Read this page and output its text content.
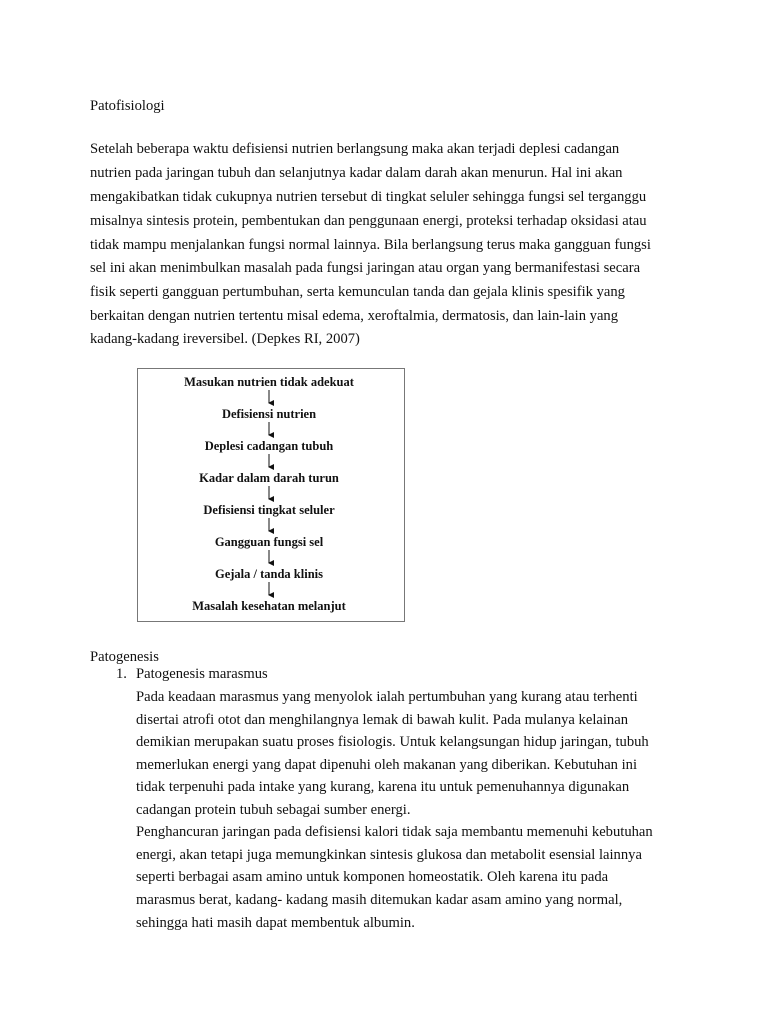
Patofisiologi
Setelah beberapa waktu defisiensi nutrien berlangsung maka akan terjadi deplesi cadangan
nutrien pada jaringan tubuh dan selanjutnya kadar dalam darah akan menurun. Hal ini akan
mengakibatkan tidak cukupnya nutrien tersebut di tingkat seluler sehingga fungsi sel terganggu
misalnya sintesis protein, pembentukan dan penggunaan energi, proteksi terhadap oksidasi atau
tidak mampu menjalankan fungsi normal lainnya. Bila berlangsung terus maka gangguan fungsi
sel ini akan menimbulkan masalah pada fungsi jaringan atau organ yang bermanifestasi secara
fisik seperti gangguan pertumbuhan, serta kemunculan tanda dan gejala klinis spesifik yang
berkaitan dengan nutrien tertentu misal edema, xeroftalmia, dermatosis, dan lain-lain yang
kadang-kadang ireversibel. (Depkes RI, 2007)
Masukan nutrien tidak adekuat
Defisiensi nutrien
Deplesi cadangan tubuh
Kadar dalam darah turun
Defisiensi tingkat seluler
Gangguan fungsi sel
Gejala / tanda klinis
Masalah kesehatan melanjut
Patogenesis
1. Patogenesis marasmus
Pada keadaan marasmus yang menyolok ialah pertumbuhan yang kurang atau terhenti
disertai atrofi otot dan menghilangnya lemak di bawah kulit. Pada mulanya kelainan
demikian merupakan suatu proses fisiologis. Untuk kelangsungan hidup jaringan, tubuh
memerlukan energi yang dapat dipenuhi oleh makanan yang diberikan. Kebutuhan ini
tidak terpenuhi pada intake yang kurang, karena itu untuk pemenuhannya digunakan
cadangan protein tubuh sebagai sumber energi.
Penghancuran jaringan pada defisiensi kalori tidak saja membantu memenuhi kebutuhan
energi, akan tetapi juga memungkinkan sintesis glukosa dan metabolit esensial lainnya
seperti berbagai asam amino untuk komponen homeostatik. Oleh karena itu pada
marasmus berat, kadang- kadang masih ditemukan kadar asam amino yang normal,
sehingga hati masih dapat membentuk albumin.
